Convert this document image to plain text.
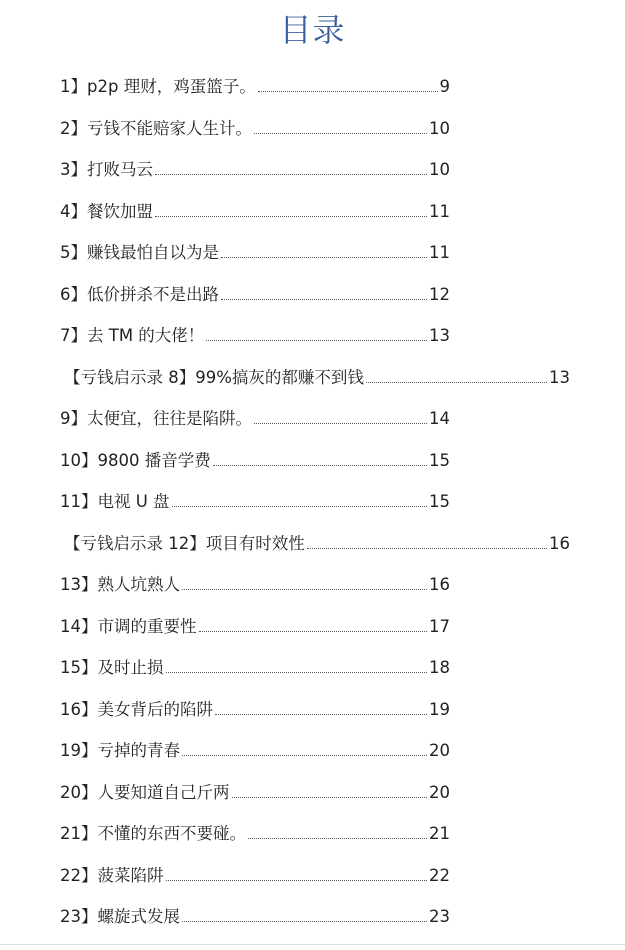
目录
1】p2p 理财，鸡蛋篮子。	9
2】亏钱不能赔家人生计。	10
3】打败马云	10
4】餐饮加盟	11
5】赚钱最怕自以为是	11
6】低价拼杀不是出路	12
7】去 TM 的大佬！	13
【亏钱启示录 8】99%搞灰的都赚不到钱	13
9】太便宜，往往是陷阱。	14
10】9800 播音学费	15
11】电视 U 盘	15
【亏钱启示录 12】项目有时效性	16
13】熟人坑熟人	16
14】市调的重要性	17
15】及时止损	18
16】美女背后的陷阱	19
19】亏掉的青春	20
20】人要知道自己斤两	20
21】不懂的东西不要碰。	21
22】菠菜陷阱	22
23】螺旋式发展	23
